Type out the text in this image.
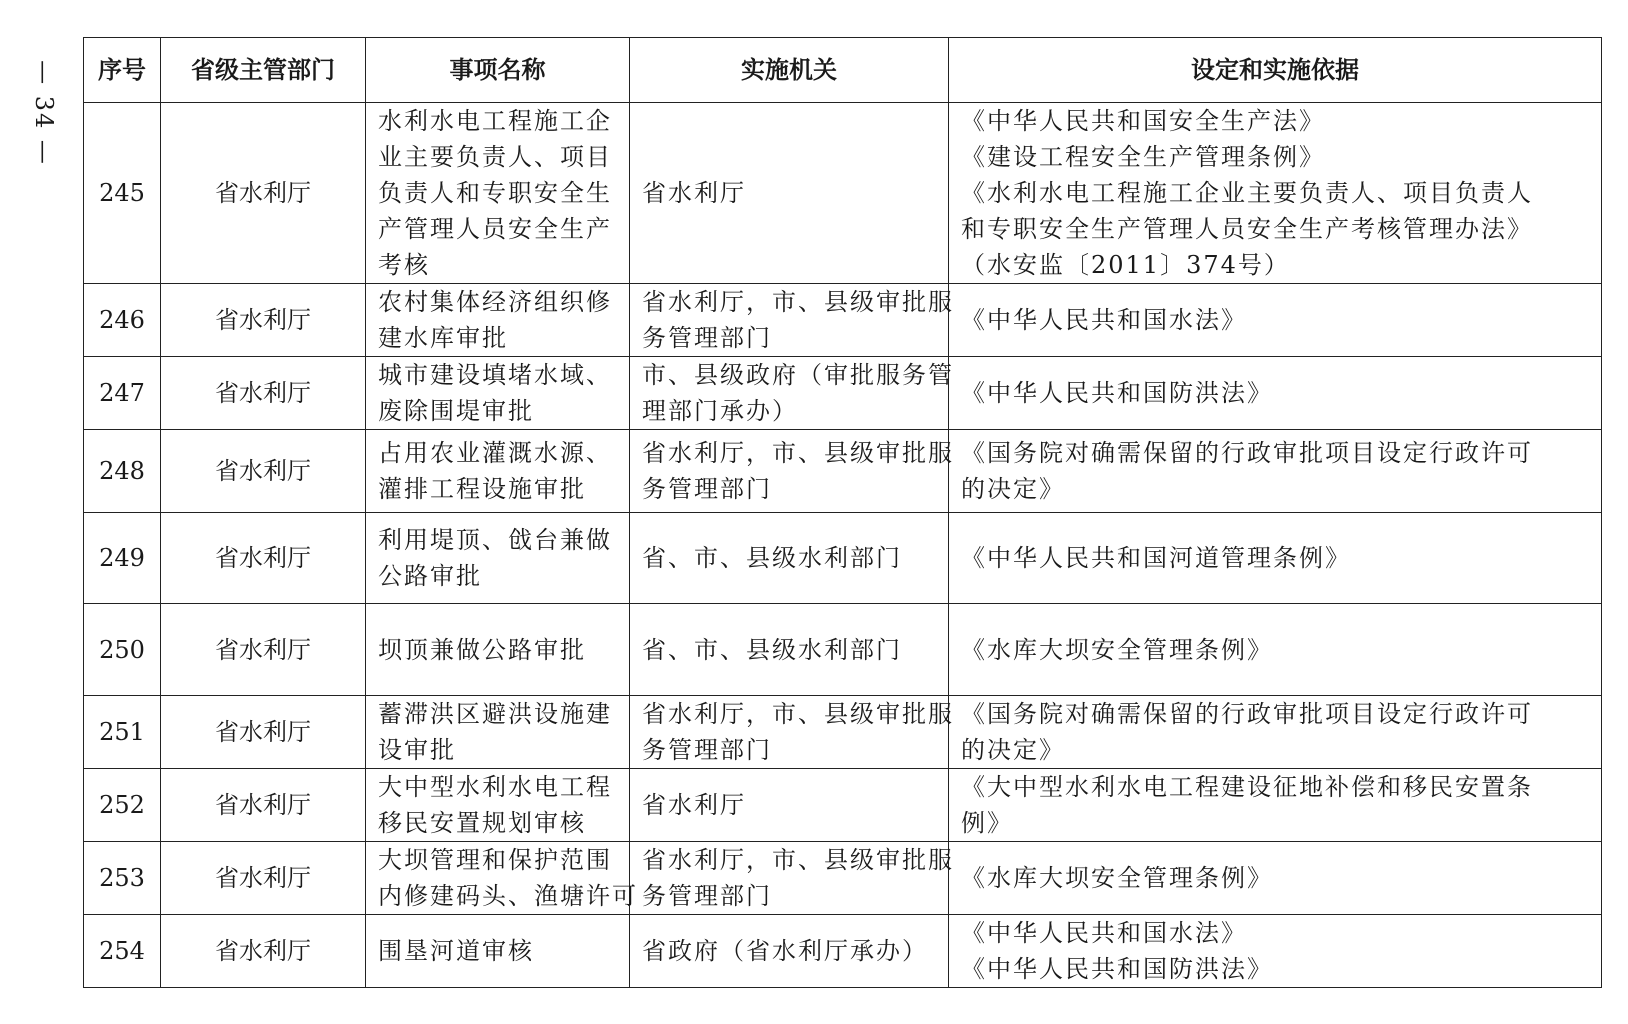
— 34 — 序号	省级主管部门	事项名称	实施机关	设定和实施依据
245	省水利厅	水利水电工程施工企
业主要负责人、项目
负责人和专职安全生
产管理人员安全生产
考核	省水利厅	《中华人民共和国安全生产法》
《建设工程安全生产管理条例》
《水利水电工程施工企业主要负责人、项目负责人
和专职安全生产管理人员安全生产考核管理办法》
（水安监〔2011〕374号）

246	省水利厅	农村集体经济组织修
建水库审批	省水利厅，市、县级审批服
务管理部门	《中华人民共和国水法》

247	省水利厅	城市建设填堵水域、
废除围堤审批	市、县级政府（审批服务管
理部门承办）	《中华人民共和国防洪法》

248	省水利厅	占用农业灌溉水源、
灌排工程设施审批	省水利厅，市、县级审批服
务管理部门	《国务院对确需保留的行政审批项目设定行政许可
的决定》

249	省水利厅	利用堤顶、戗台兼做
公路审批	省、市、县级水利部门	《中华人民共和国河道管理条例》

250	省水利厅	坝顶兼做公路审批	省、市、县级水利部门	《水库大坝安全管理条例》

251	省水利厅	蓄滞洪区避洪设施建
设审批	省水利厅，市、县级审批服
务管理部门	《国务院对确需保留的行政审批项目设定行政许可
的决定》

252	省水利厅	大中型水利水电工程
移民安置规划审核	省水利厅	《大中型水利水电工程建设征地补偿和移民安置条
例》

253	省水利厅	大坝管理和保护范围
内修建码头、渔塘许可	省水利厅，市、县级审批服
务管理部门	《水库大坝安全管理条例》

254	省水利厅	围垦河道审核	省政府（省水利厅承办）	《中华人民共和国水法》
《中华人民共和国防洪法》
